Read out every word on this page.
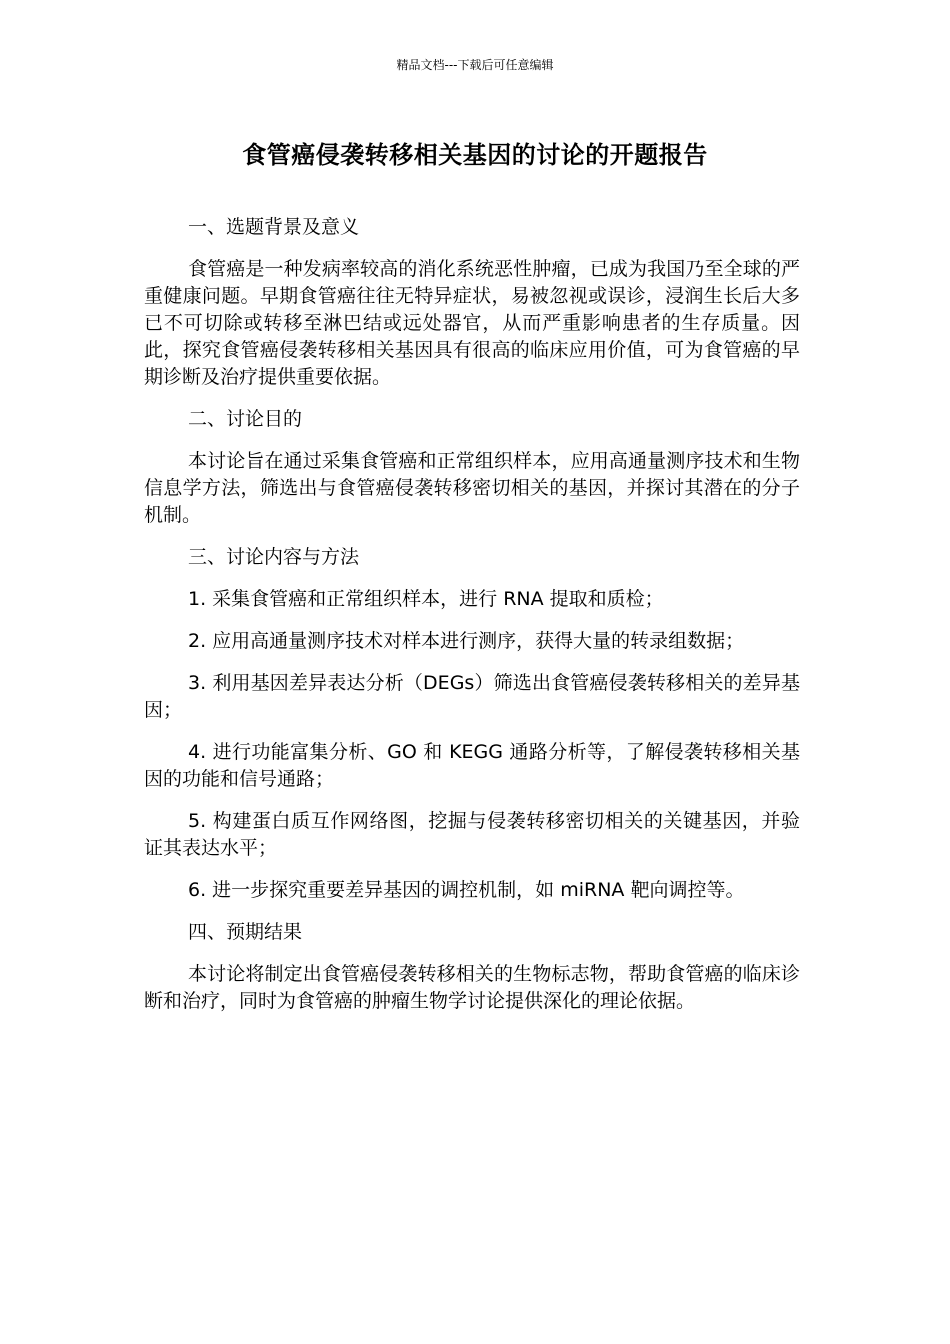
精品文档---下载后可任意编辑
食管癌侵袭转移相关基因的讨论的开题报告

一、选题背景及意义

食管癌是一种发病率较高的消化系统恶性肿瘤，已成为我国乃至全球的严重健康问题。早期食管癌往往无特异症状，易被忽视或误诊，浸润生长后大多已不可切除或转移至淋巴结或远处器官，从而严重影响患者的生存质量。因此，探究食管癌侵袭转移相关基因具有很高的临床应用价值，可为食管癌的早期诊断及治疗提供重要依据。

二、讨论目的

本讨论旨在通过采集食管癌和正常组织样本，应用高通量测序技术和生物信息学方法，筛选出与食管癌侵袭转移密切相关的基因，并探讨其潜在的分子机制。

三、讨论内容与方法

1. 采集食管癌和正常组织样本，进行 RNA 提取和质检；

2. 应用高通量测序技术对样本进行测序，获得大量的转录组数据；

3. 利用基因差异表达分析（DEGs）筛选出食管癌侵袭转移相关的差异基因；

4. 进行功能富集分析、GO 和 KEGG 通路分析等，了解侵袭转移相关基因的功能和信号通路；

5. 构建蛋白质互作网络图，挖掘与侵袭转移密切相关的关键基因，并验证其表达水平；

6. 进一步探究重要差异基因的调控机制，如 miRNA 靶向调控等。

四、预期结果

本讨论将制定出食管癌侵袭转移相关的生物标志物，帮助食管癌的临床诊断和治疗，同时为食管癌的肿瘤生物学讨论提供深化的理论依据。
